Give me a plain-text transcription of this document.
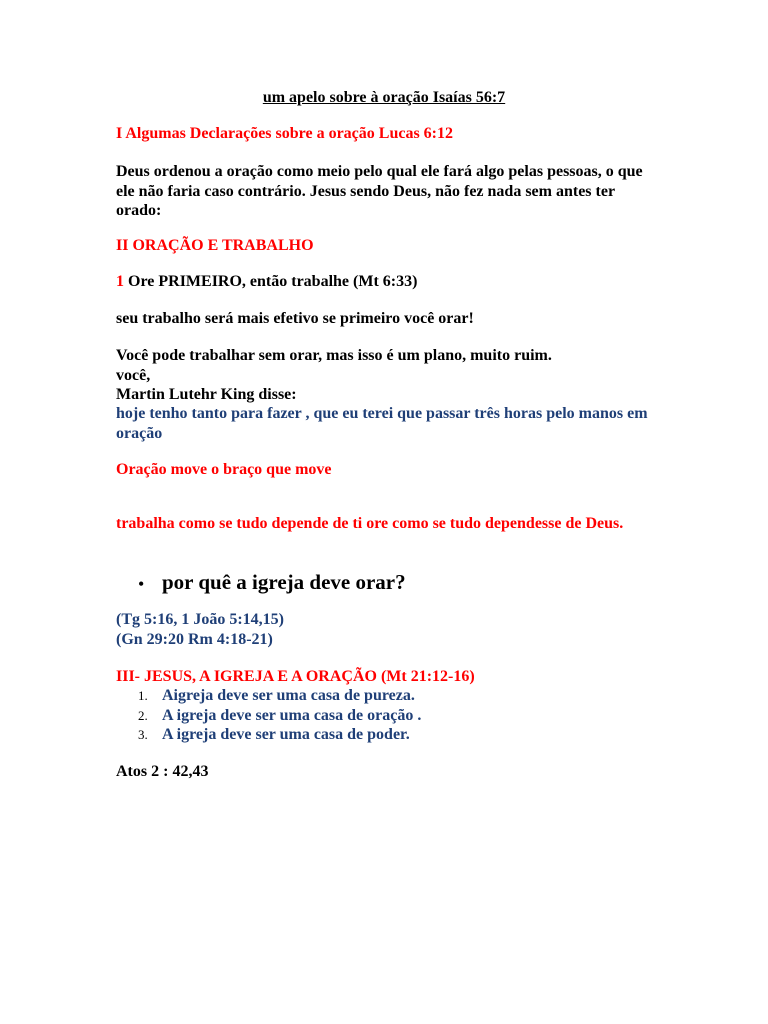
um apelo sobre à oração Isaías 56:7

I Algumas Declarações sobre a oração Lucas 6:12

Deus ordenou a oração como meio pelo qual ele fará algo pelas pessoas, o que ele não faria caso contrário. Jesus sendo Deus, não fez nada sem antes ter orado:

II ORAÇÃO E TRABALHO

1 Ore PRIMEIRO, então trabalhe (Mt 6:33)

seu trabalho será mais efetivo se primeiro você orar!

Você pode trabalhar sem orar, mas isso é um plano, muito ruim.

você,

Martin Lutehr King disse:

hoje tenho tanto para fazer , que eu terei que passar três horas pelo manos em oração

Oração move o braço que move

trabalha como se tudo depende de ti ore como se tudo dependesse de Deus.

• por quê a igreja deve orar?

(Tg 5:16, 1 João 5:14,15)

(Gn 29:20 Rm 4:18-21)

III- JESUS, A IGREJA E A ORAÇÃO (Mt 21:12-16)

1. Aigreja deve ser uma casa de pureza.
2. A igreja deve ser uma casa de oração .
3. A igreja deve ser uma casa de poder.

Atos 2 : 42,43
